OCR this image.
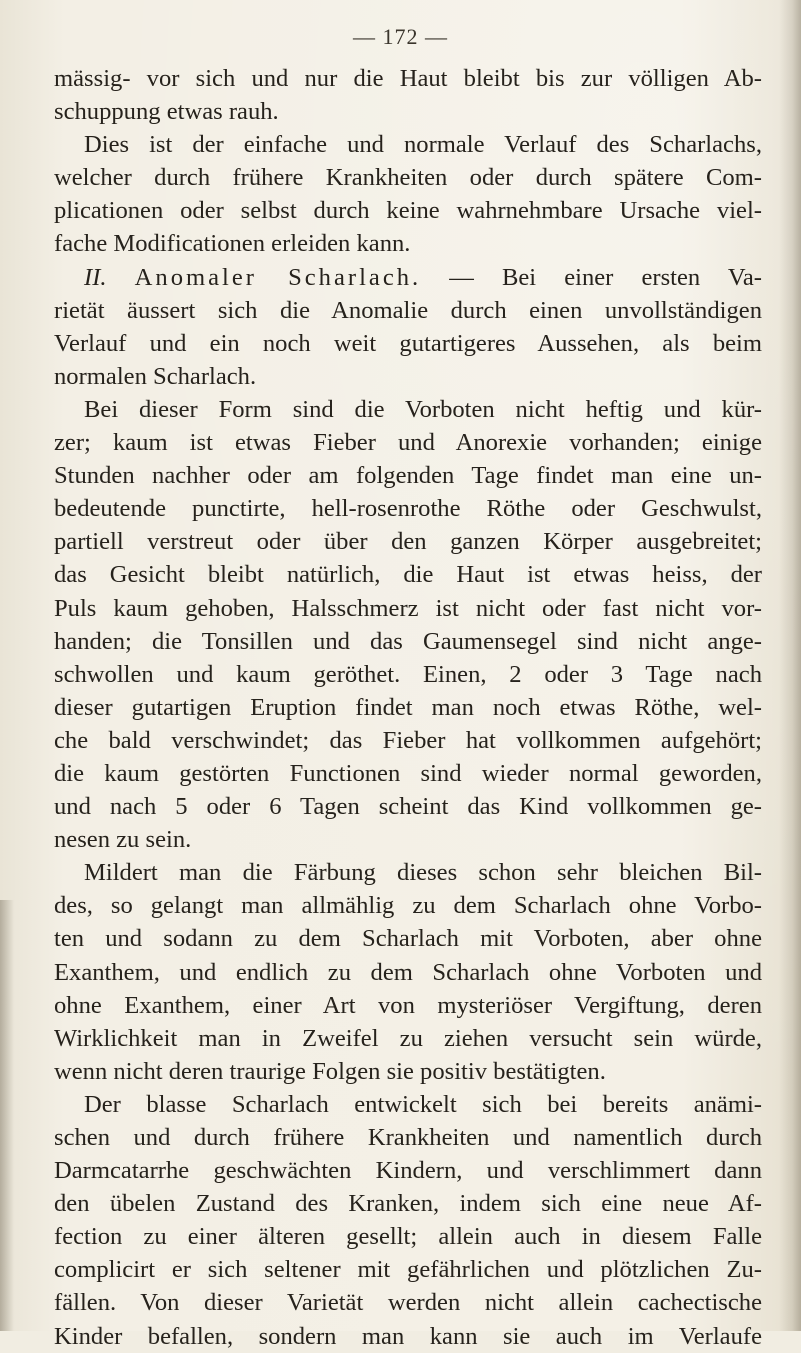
— 172 —
mässig- vor sich und nur die Haut bleibt bis zur völligen Ab-
schuppung etwas rauh.
Dies ist der einfache und normale Verlauf des Scharlachs,
welcher durch frühere Krankheiten oder durch spätere Com-
plicationen oder selbst durch keine wahrnehmbare Ursache viel-
fache Modificationen erleiden kann.
II. Anomaler Scharlach. — Bei einer ersten Va-
rietät äussert sich die Anomalie durch einen unvollständigen
Verlauf und ein noch weit gutartigeres Aussehen, als beim
normalen Scharlach.
Bei dieser Form sind die Vorboten nicht heftig und kür-
zer; kaum ist etwas Fieber und Anorexie vorhanden; einige
Stunden nachher oder am folgenden Tage findet man eine un-
bedeutende punctirte, hell-rosenrothe Röthe oder Geschwulst,
partiell verstreut oder über den ganzen Körper ausgebreitet;
das Gesicht bleibt natürlich, die Haut ist etwas heiss, der
Puls kaum gehoben, Halsschmerz ist nicht oder fast nicht vor-
handen; die Tonsillen und das Gaumensegel sind nicht ange-
schwollen und kaum geröthet. Einen, 2 oder 3 Tage nach
dieser gutartigen Eruption findet man noch etwas Röthe, wel-
che bald verschwindet; das Fieber hat vollkommen aufgehört;
die kaum gestörten Functionen sind wieder normal geworden,
und nach 5 oder 6 Tagen scheint das Kind vollkommen ge-
nesen zu sein.
Mildert man die Färbung dieses schon sehr bleichen Bil-
des, so gelangt man allmählig zu dem Scharlach ohne Vorbo-
ten und sodann zu dem Scharlach mit Vorboten, aber ohne
Exanthem, und endlich zu dem Scharlach ohne Vorboten und
ohne Exanthem, einer Art von mysteriöser Vergiftung, deren
Wirklichkeit man in Zweifel zu ziehen versucht sein würde,
wenn nicht deren traurige Folgen sie positiv bestätigten.
Der blasse Scharlach entwickelt sich bei bereits anämi-
schen und durch frühere Krankheiten und namentlich durch
Darmcatarrhe geschwächten Kindern, und verschlimmert dann
den übelen Zustand des Kranken, indem sich eine neue Af-
fection zu einer älteren gesellt; allein auch in diesem Falle
complicirt er sich seltener mit gefährlichen und plötzlichen Zu-
fällen. Von dieser Varietät werden nicht allein cachectische
Kinder befallen, sondern man kann sie auch im Verlaufe
